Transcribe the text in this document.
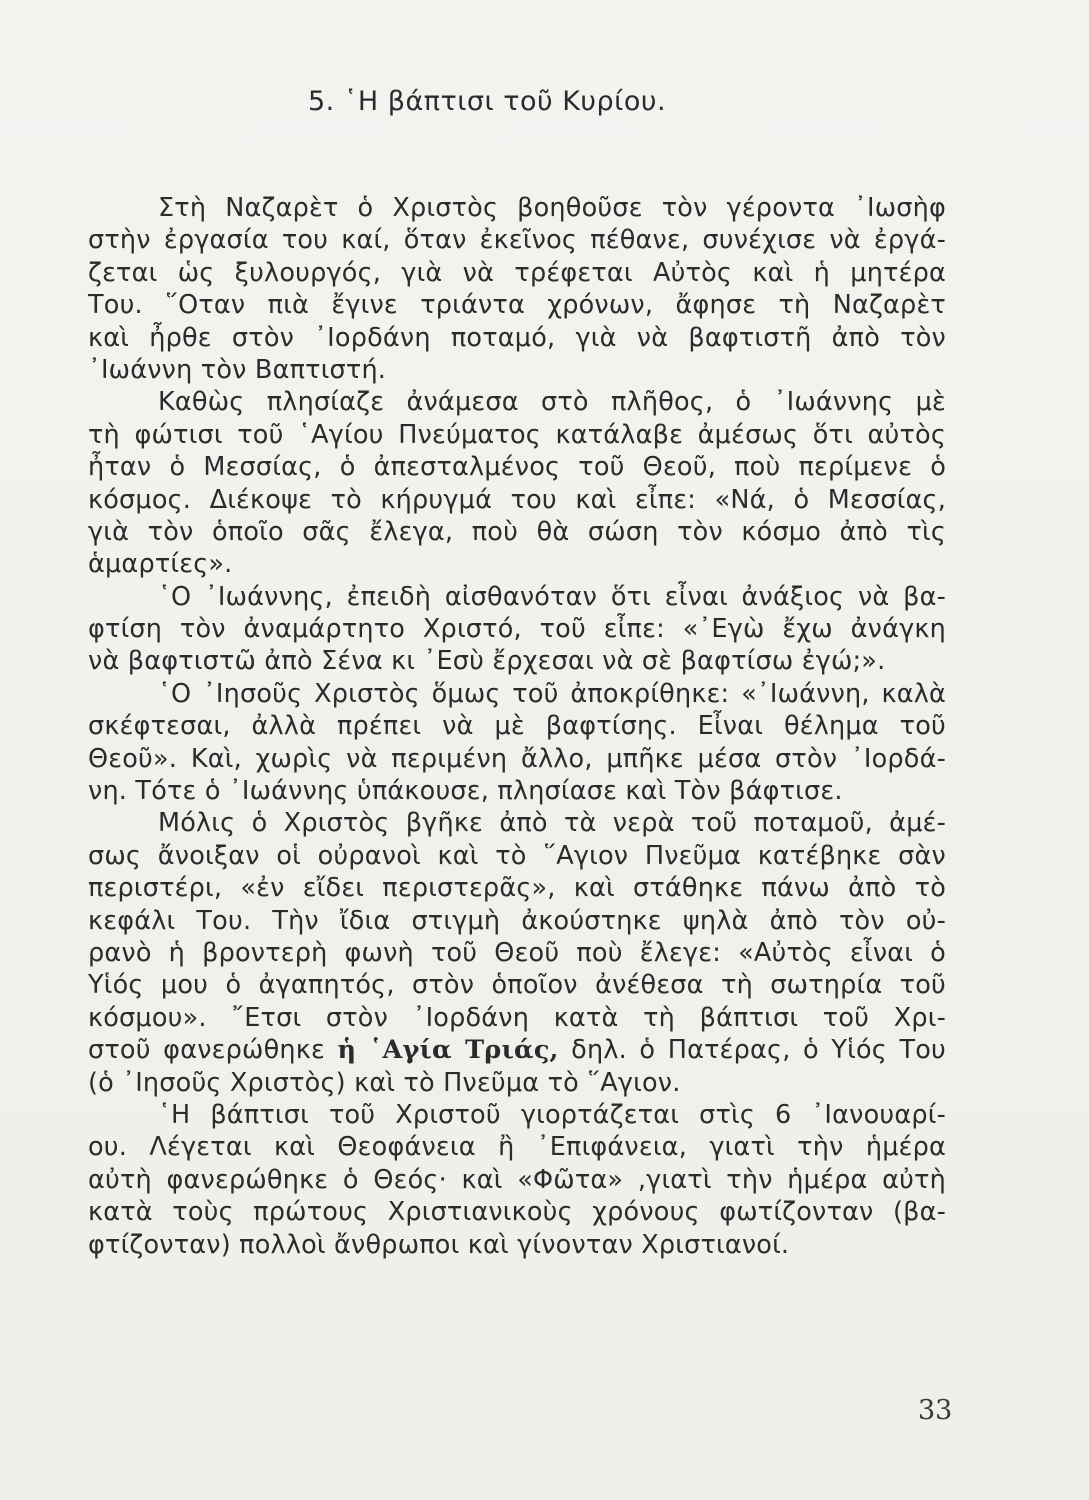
5. ῾Η βάπτισι τοῦ Κυρίου.
Στὴ Ναζαρὲτ ὁ Χριστὸς βοηθοῦσε τὸν γέροντα ᾿Ιωσὴφ
στὴν ἐργασία του καί, ὅταν ἐκεῖνος πέθανε, συνέχισε νὰ ἐργά-
ζεται ὡς ξυλουργός, γιὰ νὰ τρέφεται Αὐτὸς καὶ ἡ μητέρα
Του. ῞Οταν πιὰ ἔγινε τριάντα χρόνων, ἄφησε τὴ Ναζαρὲτ
καὶ ἦρθε στὸν ᾿Ιορδάνη ποταμό, γιὰ νὰ βαφτιστῆ ἀπὸ τὸν
᾿Ιωάννη τὸν Βαπτιστή.
Καθὼς πλησίαζε ἀνάμεσα στὸ πλῆθος, ὁ ᾿Ιωάννης μὲ
τὴ φώτισι τοῦ ῾Αγίου Πνεύματος κατάλαβε ἀμέσως ὅτι αὐτὸς
ἦταν ὁ Μεσσίας, ὁ ἀπεσταλμένος τοῦ Θεοῦ, ποὺ περίμενε ὁ
κόσμος. Διέκοψε τὸ κήρυγμά του καὶ εἶπε: «Νά, ὁ Μεσσίας,
γιὰ τὸν ὁποῖο σᾶς ἔλεγα, ποὺ θὰ σώση τὸν κόσμο ἀπὸ τὶς
ἁμαρτίες».
῾Ο ᾿Ιωάννης, ἐπειδὴ αἰσθανόταν ὅτι εἶναι ἀνάξιος νὰ βα-
φτίση τὸν ἀναμάρτητο Χριστό, τοῦ εἶπε: «᾿Εγὼ ἔχω ἀνάγκη
νὰ βαφτιστῶ ἀπὸ Σένα κι ᾿Εσὺ ἔρχεσαι νὰ σὲ βαφτίσω ἐγώ;».
῾Ο ᾿Ιησοῦς Χριστὸς ὅμως τοῦ ἀποκρίθηκε: «᾿Ιωάννη, καλὰ
σκέφτεσαι, ἀλλὰ πρέπει νὰ μὲ βαφτίσης. Εἶναι θέλημα τοῦ
Θεοῦ». Καὶ, χωρὶς νὰ περιμένη ἄλλο, μπῆκε μέσα στὸν ᾿Ιορδά-
νη. Τότε ὁ ᾿Ιωάννης ὑπάκουσε, πλησίασε καὶ Τὸν βάφτισε.
Μόλις ὁ Χριστὸς βγῆκε ἀπὸ τὰ νερὰ τοῦ ποταμοῦ, ἀμέ-
σως ἄνοιξαν οἱ οὐρανοὶ καὶ τὸ ῞Αγιον Πνεῦμα κατέβηκε σὰν
περιστέρι, «ἐν εἴδει περιστερᾶς», καὶ στάθηκε πάνω ἀπὸ τὸ
κεφάλι Του. Τὴν ἴδια στιγμὴ ἀκούστηκε ψηλὰ ἀπὸ τὸν οὐ-
ρανὸ ἡ βροντερὴ φωνὴ τοῦ Θεοῦ ποὺ ἔλεγε: «Αὐτὸς εἶναι ὁ
Υἱός μου ὁ ἀγαπητός, στὸν ὁποῖον ἀνέθεσα τὴ σωτηρία τοῦ
κόσμου». ῎Ετσι στὸν ᾿Ιορδάνη κατὰ τὴ βάπτισι τοῦ Χρι-
στοῦ φανερώθηκε ἡ ῾Αγία Τριάς, δηλ. ὁ Πατέρας, ὁ Υἱός Του
(ὁ ᾿Ιησοῦς Χριστὸς) καὶ τὸ Πνεῦμα τὸ ῞Αγιον.
῾Η βάπτισι τοῦ Χριστοῦ γιορτάζεται στὶς 6 ᾿Ιανουαρί-
ου. Λέγεται καὶ Θεοφάνεια ἢ ᾿Επιφάνεια, γιατὶ τὴν ἡμέρα
αὐτὴ φανερώθηκε ὁ Θεός· καὶ «Φῶτα» ,γιατὶ τὴν ἡμέρα αὐτὴ
κατὰ τοὺς πρώτους Χριστιανικοὺς χρόνους φωτίζονταν (βα-
φτίζονταν) πολλοὶ ἄνθρωποι καὶ γίνονταν Χριστιανοί.
33
